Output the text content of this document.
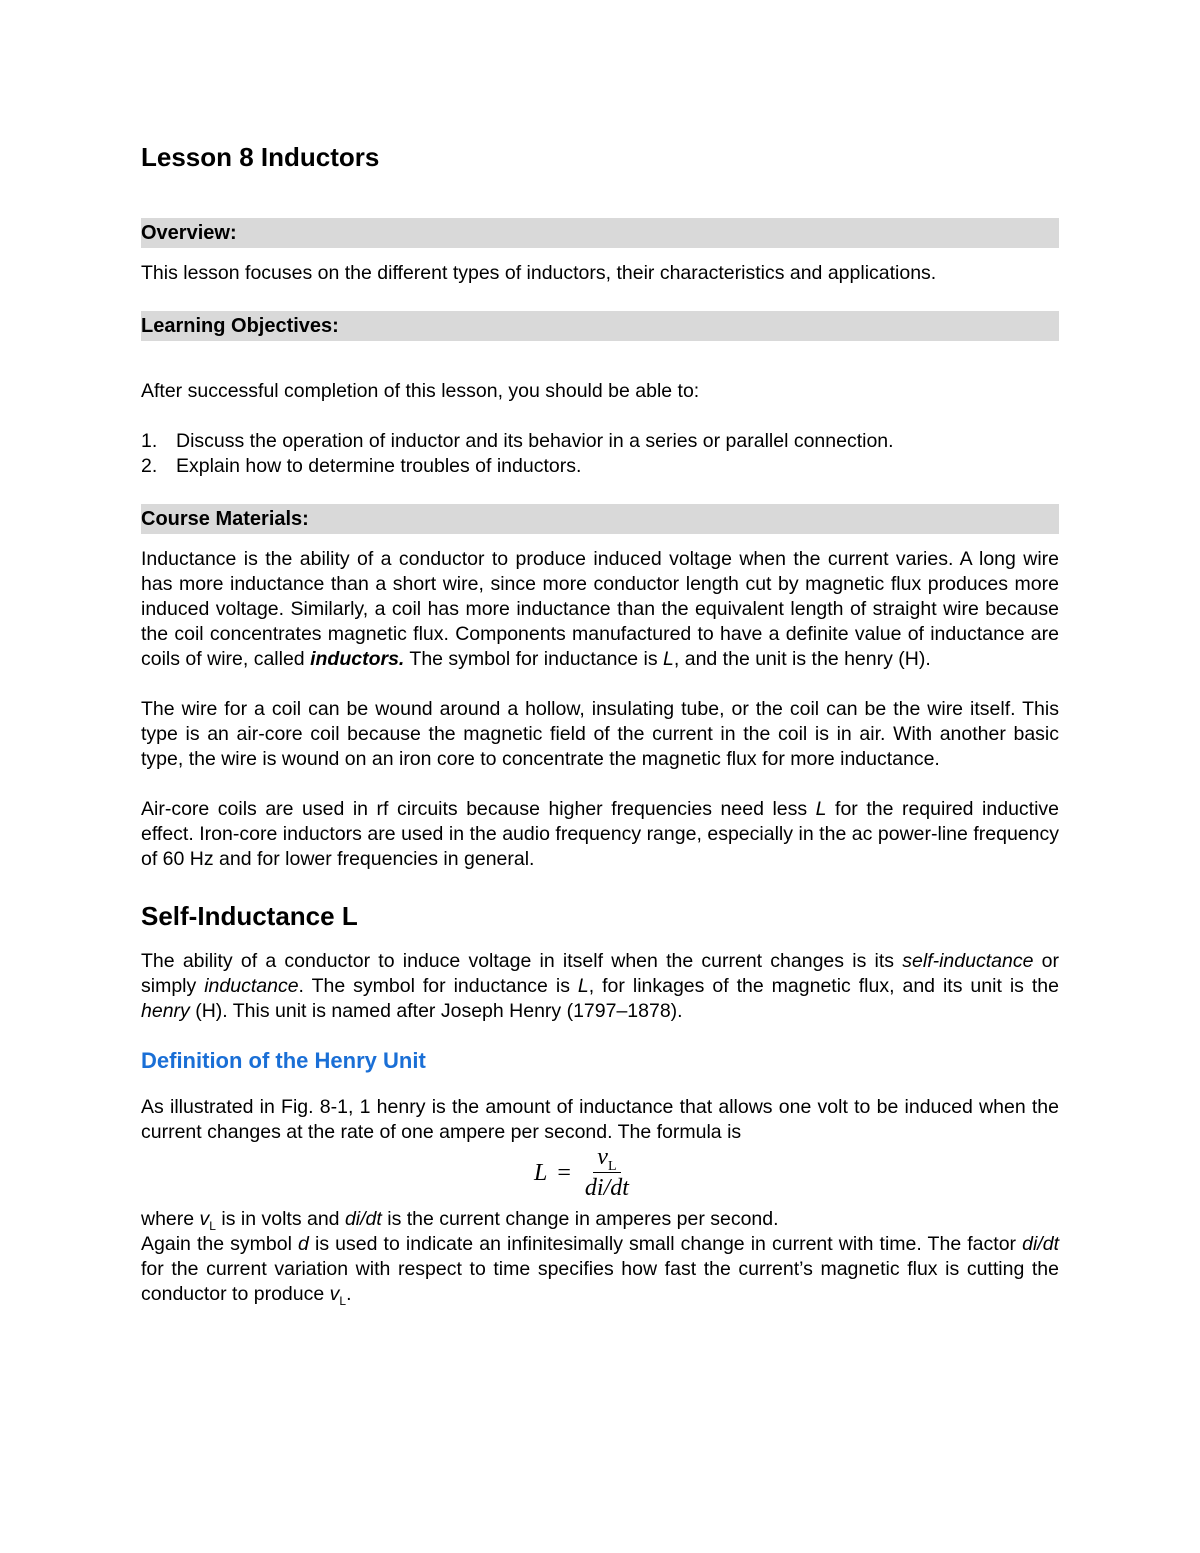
Lesson 8 Inductors
Overview:

This lesson focuses on the different types of inductors, their characteristics and applications.

Learning Objectives:

After successful completion of this lesson, you should be able to:

1. Discuss the operation of inductor and its behavior in a series or parallel connection.
2. Explain how to determine troubles of inductors.
Course Materials:

Inductance is the ability of a conductor to produce induced voltage when the current varies. A long wire has more inductance than a short wire, since more conductor length cut by magnetic flux produces more induced voltage. Similarly, a coil has more inductance than the equivalent length of straight wire because the coil concentrates magnetic flux. Components manufactured to have a definite value of inductance are coils of wire, called inductors. The symbol for inductance is L, and the unit is the henry (H).

The wire for a coil can be wound around a hollow, insulating tube, or the coil can be the wire itself. This type is an air-core coil because the magnetic field of the current in the coil is in air. With another basic type, the wire is wound on an iron core to concentrate the magnetic flux for more inductance.

Air-core coils are used in rf circuits because higher frequencies need less L for the required inductive effect. Iron-core inductors are used in the audio frequency range, especially in the ac power-line frequency of 60 Hz and for lower frequencies in general.

Self-Inductance L

The ability of a conductor to induce voltage in itself when the current changes is its self-inductance or simply inductance. The symbol for inductance is L, for linkages of the magnetic flux, and its unit is the henry (H). This unit is named after Joseph Henry (1797–1878).

Definition of the Henry Unit

As illustrated in Fig. 8-1, 1 henry is the amount of inductance that allows one volt to be induced when the current changes at the rate of one ampere per second. The formula is

$L = \frac{v_L}{di/dt}$

where $v_L$ is in volts and di/dt is the current change in amperes per second.

Again the symbol d is used to indicate an infinitesimally small change in current with time. The factor di/dt for the current variation with respect to time specifies how fast the current’s magnetic flux is cutting the conductor to produce $v_L$.
